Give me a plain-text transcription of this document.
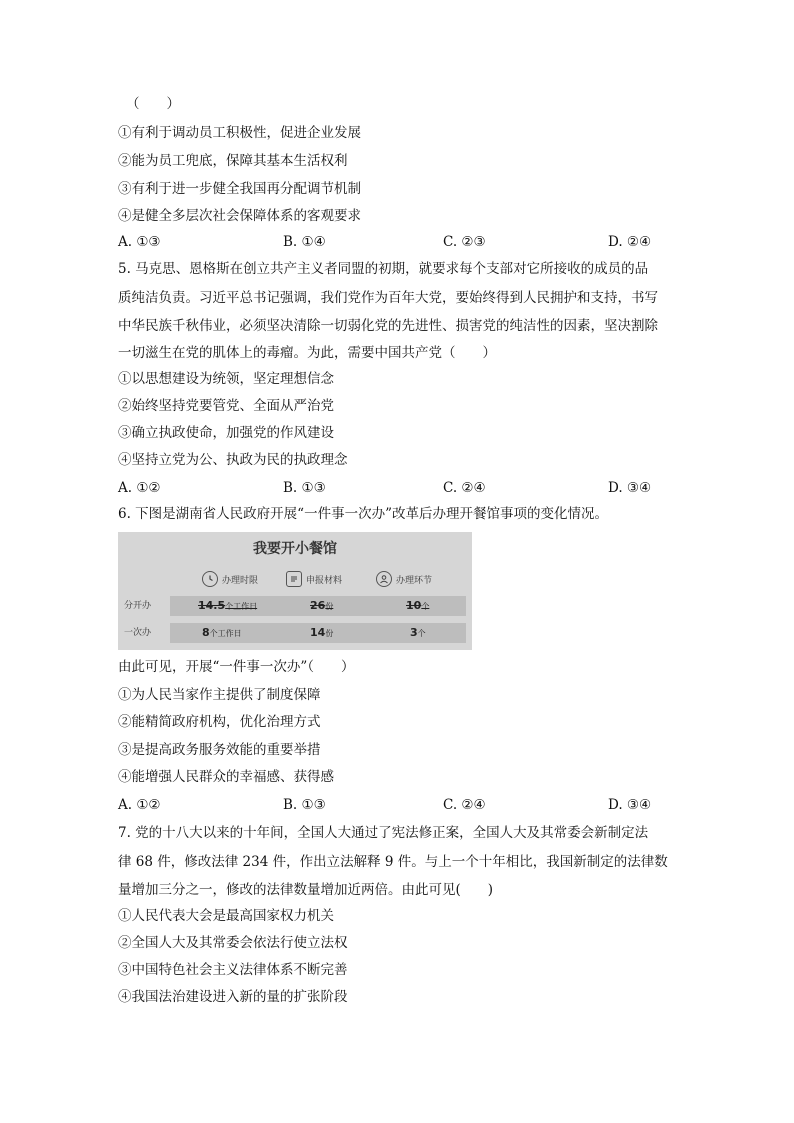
（　　）
①有利于调动员工积极性，促进企业发展
②能为员工兜底，保障其基本生活权利
③有利于进一步健全我国再分配调节机制
④是健全多层次社会保障体系的客观要求
A. ①③	B. ①④	C. ②③	D. ②④
5. 马克思、恩格斯在创立共产主义者同盟的初期，就要求每个支部对它所接收的成员的品
质纯洁负责。习近平总书记强调，我们党作为百年大党，要始终得到人民拥护和支持，书写
中华民族千秋伟业，必须坚决清除一切弱化党的先进性、损害党的纯洁性的因素，坚决割除
一切滋生在党的肌体上的毒瘤。为此，需要中国共产党（　　）
①以思想建设为统领，坚定理想信念
②始终坚持党要管党、全面从严治党
③确立执政使命，加强党的作风建设
④坚持立党为公、执政为民的执政理念
A. ①②	B. ①③	C. ②④	D. ③④
6. 下图是湖南省人民政府开展“一件事一次办”改革后办理开餐馆事项的变化情况。
我要开小餐馆
办理时限	申报材料	办理环节
分开办	14.5个工作日	26份	10个
一次办	8个工作日	14份	3个
由此可见，开展“一件事一次办”（　　）
①为人民当家作主提供了制度保障
②能精简政府机构，优化治理方式
③是提高政务服务效能的重要举措
④能增强人民群众的幸福感、获得感
A. ①②	B. ①③	C. ②④	D. ③④
7. 党的十八大以来的十年间，全国人大通过了宪法修正案，全国人大及其常委会新制定法
律 68 件，修改法律 234 件，作出立法解释 9 件。与上一个十年相比，我国新制定的法律数
量增加三分之一，修改的法律数量增加近两倍。由此可见(　　)
①人民代表大会是最高国家权力机关
②全国人大及其常委会依法行使立法权
③中国特色社会主义法律体系不断完善
④我国法治建设进入新的量的扩张阶段
